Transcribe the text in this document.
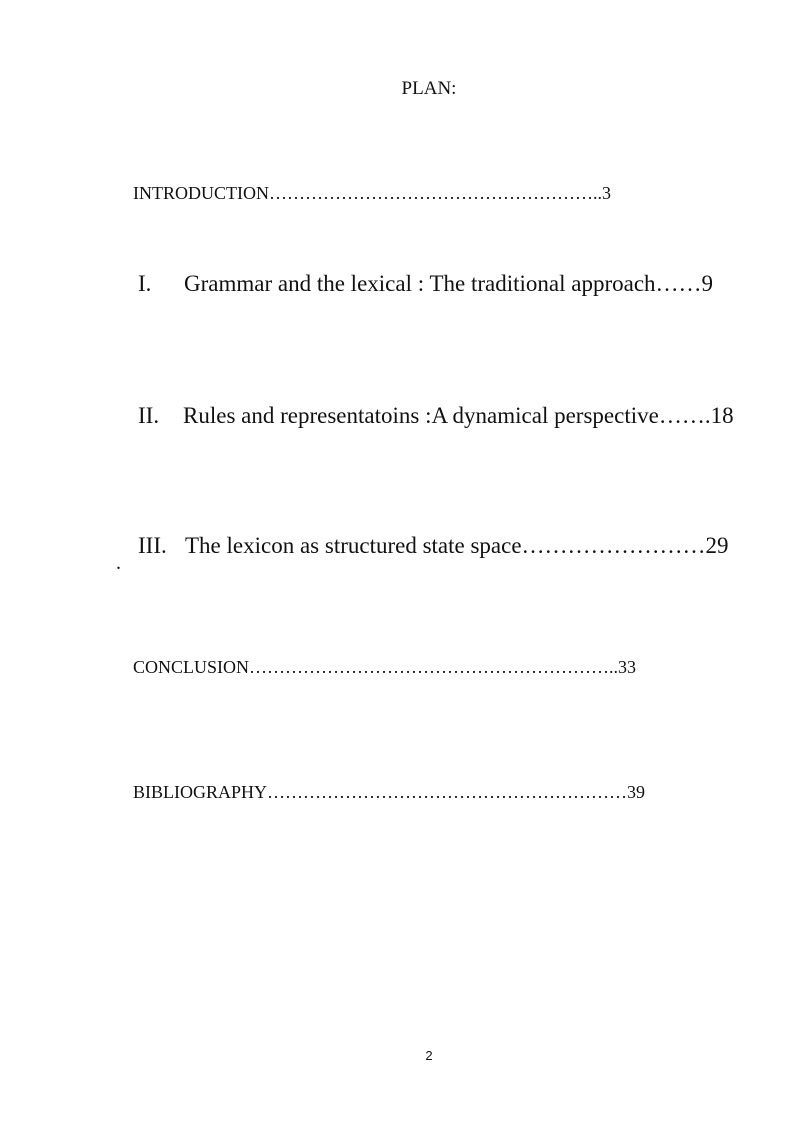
PLAN:

INTRODUCTION………………………………………………..3

I. Grammar and the lexical : The traditional approach……9

II. Rules and representatoins :A dynamical perspective…….18

III. The lexicon as structured state space……………………29

.

CONCLUSION……………………………………………………..33

BIBLIOGRAPHY……………………………………………………39

2
